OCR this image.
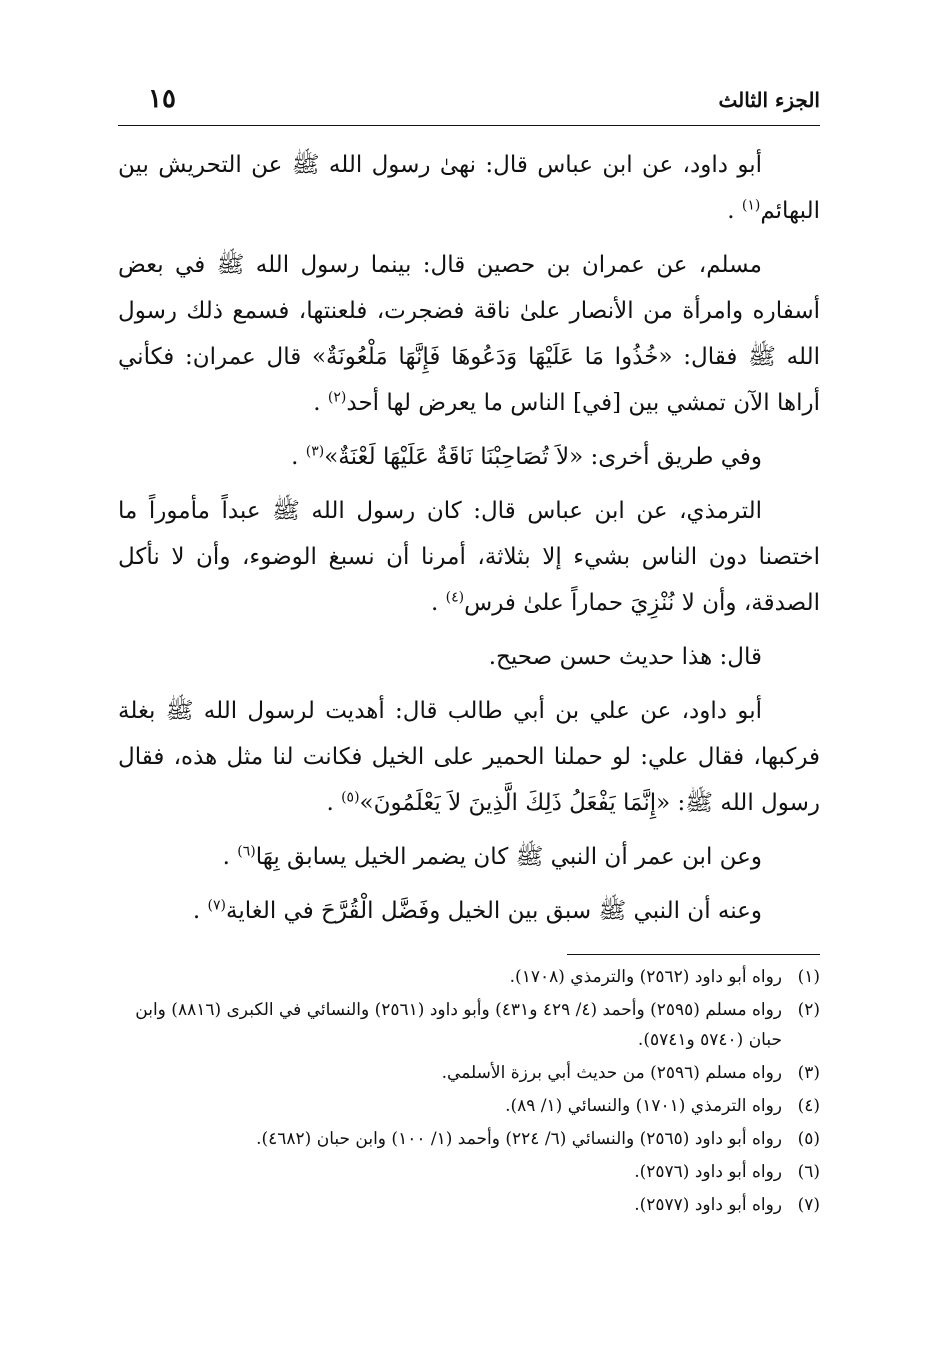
الجزء الثالث
١٥

أبو داود، عن ابن عباس قال: نهىٰ رسول الله ﷺ عن التحريش بين البهائم$^{(١)}$ .

مسلم، عن عمران بن حصين قال: بينما رسول الله ﷺ في بعض أسفاره وامرأة من الأنصار علىٰ ناقة فضجرت، فلعنتها، فسمع ذلك رسول الله ﷺ فقال: «خُذُوا مَا عَلَيْهَا وَدَعُوهَا فَإِنَّهَا مَلْعُونَةٌ» قال عمران: فكأني أراها الآن تمشي بين [في] الناس ما يعرض لها أحد$^{(٢)}$ .

وفي طريق أخرى: «لاَ تُصَاحِبْنَا نَاقَةٌ عَلَيْهَا لَعْنَةٌ»$^{(٣)}$ .

الترمذي، عن ابن عباس قال: كان رسول الله ﷺ عبداً مأموراً ما اختصنا دون الناس بشيء إلا بثلاثة، أمرنا أن نسبغ الوضوء، وأن لا نأكل الصدقة، وأن لا نُنْزِيَ حماراً علىٰ فرس$^{(٤)}$ .

قال: هذا حديث حسن صحيح.

أبو داود، عن علي بن أبي طالب قال: أهديت لرسول الله ﷺ بغلة فركبها، فقال علي: لو حملنا الحمير على الخيل فكانت لنا مثل هذه، فقال رسول الله ﷺ: «إِنَّمَا يَفْعَلُ ذَلِكَ الَّذِينَ لاَ يَعْلَمُونَ»$^{(٥)}$ .

وعن ابن عمر أن النبي ﷺ كان يضمر الخيل يسابق بِهَا$^{(٦)}$ .

وعنه أن النبي ﷺ سبق بين الخيل وفَضَّل الْقُرَّحَ في الغاية$^{(٧)}$ .

(١)
رواه أبو داود (٢٥٦٢) والترمذي (١٧٠٨).
(٢)
رواه مسلم (٢٥٩٥) وأحمد (٤/ ٤٢٩ و٤٣١) وأبو داود (٢٥٦١) والنسائي في الكبرى (٨٨١٦) وابن حبان (٥٧٤٠ و٥٧٤١).
(٣)
رواه مسلم (٢٥٩٦) من حديث أبي برزة الأسلمي.
(٤)
رواه الترمذي (١٧٠١) والنسائي (١/ ٨٩).
(٥)
رواه أبو داود (٢٥٦٥) والنسائي (٦/ ٢٢٤) وأحمد (١/ ١٠٠) وابن حبان (٤٦٨٢).
(٦)
رواه أبو داود (٢٥٧٦).
(٧)
رواه أبو داود (٢٥٧٧).
